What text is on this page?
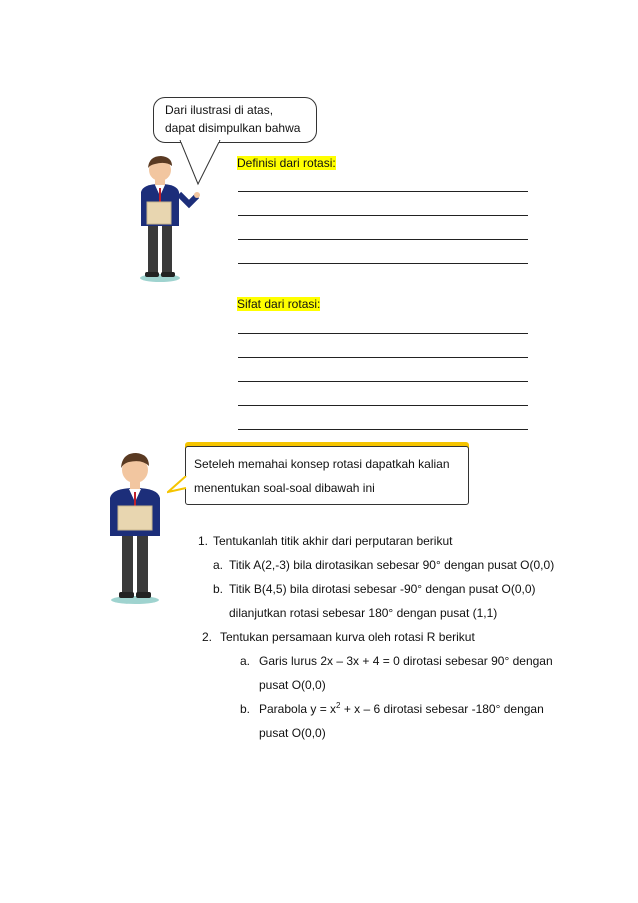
Dari ilustrasi di atas,
dapat disimpulkan bahwa
Definisi dari rotasi:
Sifat dari rotasi:
Seteleh memahai konsep rotasi dapatkah kalian
menentukan soal-soal dibawah ini
1. Tentukanlah titik akhir dari perputaran berikut
a. Titik A(2,-3) bila dirotasikan sebesar 90° dengan pusat O(0,0)
b. Titik B(4,5) bila dirotasi sebesar -90° dengan pusat O(0,0)
dilanjutkan rotasi sebesar 180° dengan pusat (1,1)
2. Tentukan persamaan kurva oleh rotasi R berikut
a. Garis lurus 2x – 3x + 4 = 0 dirotasi sebesar 90° dengan
pusat O(0,0)
b. Parabola $y = x^2 + x - 6$ dirotasi sebesar -180° dengan
pusat O(0,0)
